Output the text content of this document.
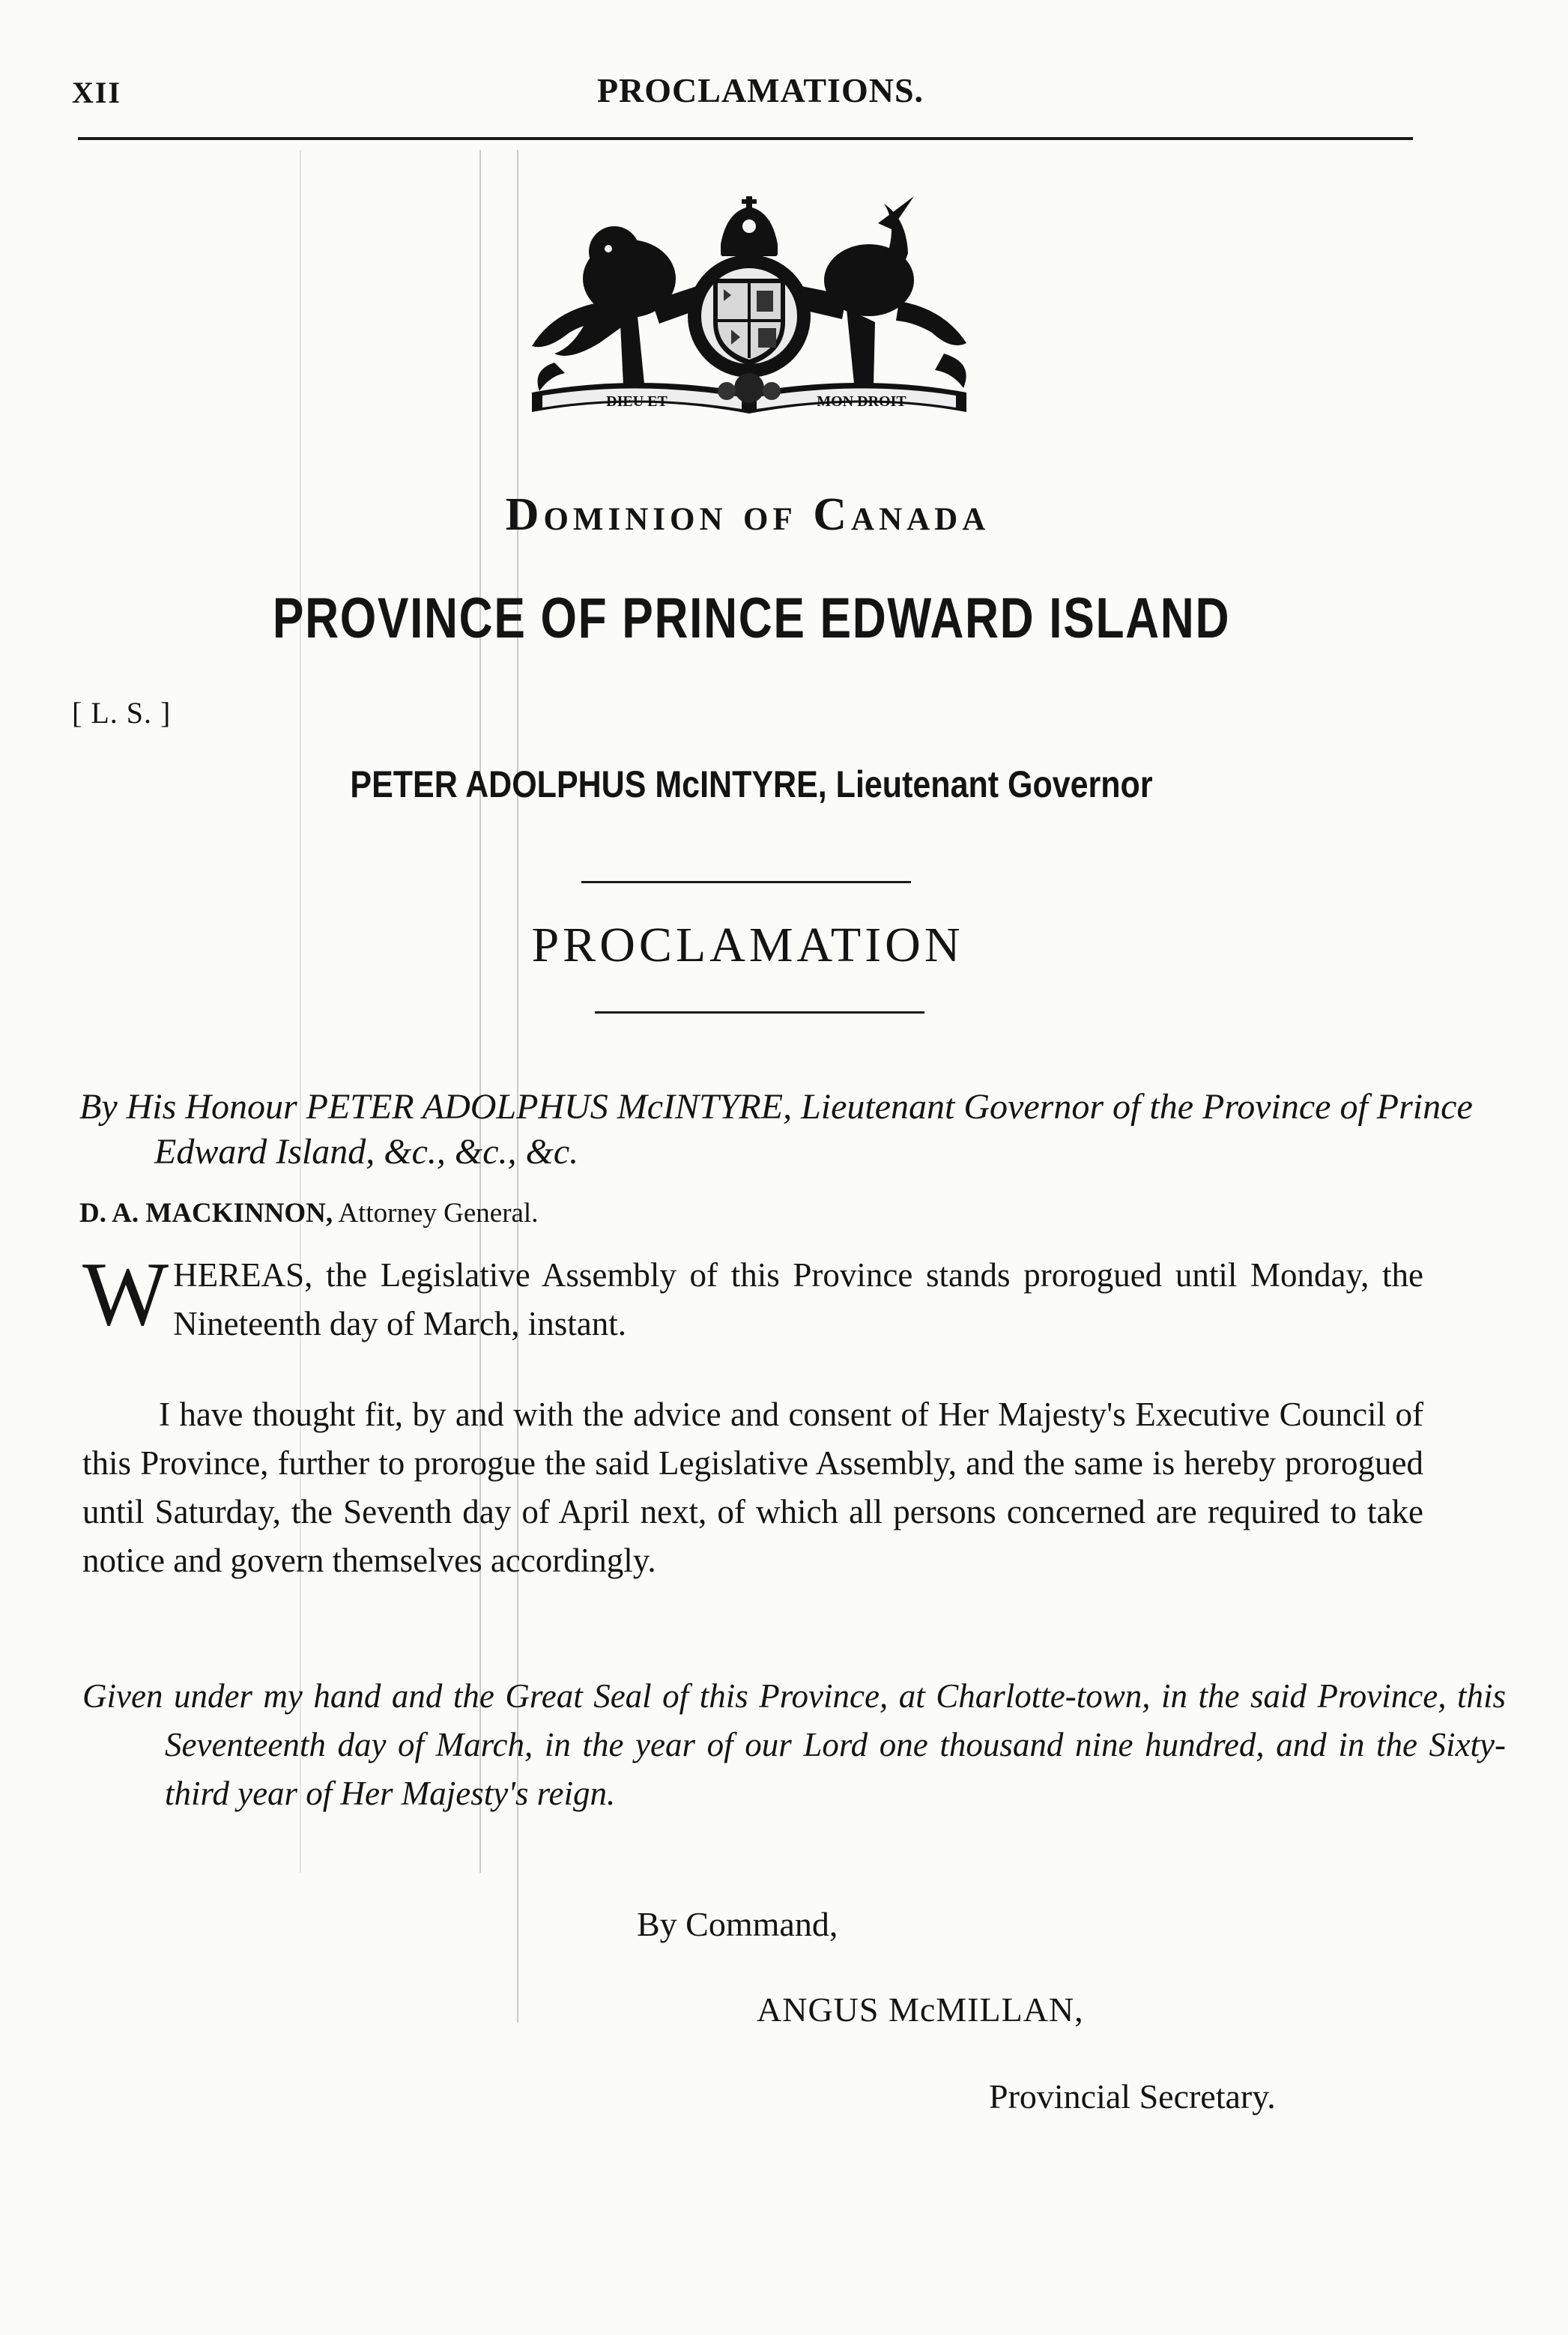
XII	PROCLAMATIONS.
DIEU ET	MON DROIT
Dominion of Canada
PROVINCE OF PRINCE EDWARD ISLAND
[ L. S. ]
PETER ADOLPHUS McINTYRE, Lieutenant Governor
PROCLAMATION
By His Honour PETER ADOLPHUS McINTYRE, Lieutenant Governor of the Province of Prince Edward Island, &c., &c., &c.
D. A. MACKINNON, Attorney General.
WHEREAS, the Legislative Assembly of this Province stands prorogued until Monday, the Nineteenth day of March, instant.
I have thought fit, by and with the advice and consent of Her Majesty's Executive Council of this Province, further to prorogue the said Legislative Assembly, and the same is hereby prorogued until Saturday, the Seventh day of April next, of which all persons concerned are required to take notice and govern themselves accordingly.
Given under my hand and the Great Seal of this Province, at Charlotte-town, in the said Province, this Seventeenth day of March, in the year of our Lord one thousand nine hundred, and in the Sixty-third year of Her Majesty's reign.
By Command,
ANGUS McMILLAN,
Provincial Secretary.
